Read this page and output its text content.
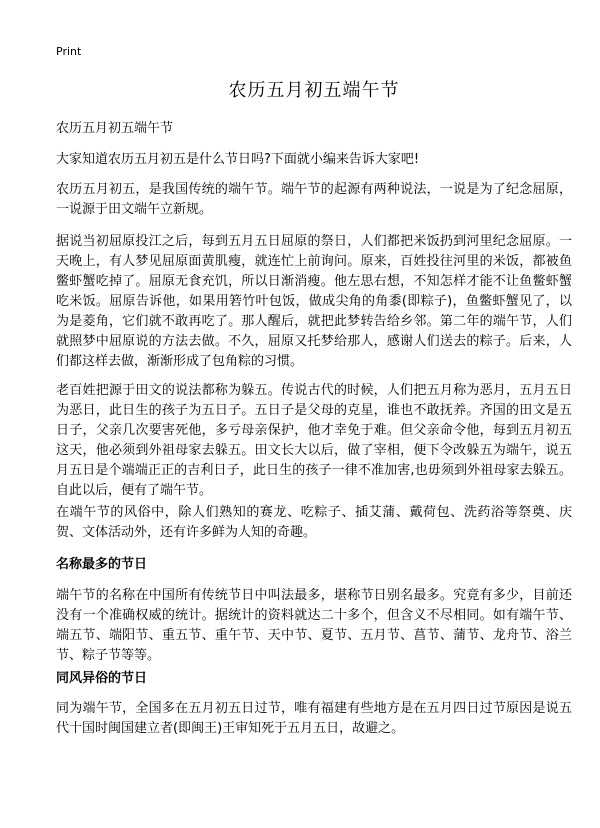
Print
农历五月初五端午节

农历五月初五端午节

大家知道农历五月初五是什么节日吗?下面就小编来告诉大家吧!

农历五月初五，是我国传统的端午节。端午节的起源有两种说法，一说是为了纪念屈原，一说源于田文端午立新规。

据说当初屈原投江之后，每到五月五日屈原的祭日，人们都把米饭扔到河里纪念屈原。一天晚上，有人梦见屈原面黄肌瘦，就连忙上前询问。原来，百姓投往河里的米饭，都被鱼鳖虾蟹吃掉了。屈原无食充饥，所以日渐消瘦。他左思右想，不知怎样才能不让鱼鳖虾蟹吃米饭。屈原告诉他，如果用箬竹叶包饭，做成尖角的角黍(即粽子)，鱼鳖虾蟹见了，以为是菱角，它们就不敢再吃了。那人醒后，就把此梦转告给乡邻。第二年的端午节，人们就照梦中屈原说的方法去做。不久，屈原又托梦给那人，感谢人们送去的粽子。后来，人们都这样去做，渐渐形成了包角粽的习惯。

老百姓把源于田文的说法都称为躲五。传说古代的时候，人们把五月称为恶月，五月五日为恶日，此日生的孩子为五日子。五日子是父母的克星，谁也不敢抚养。齐国的田文是五日子，父亲几次要害死他，多亏母亲保护，他才幸免于难。但父亲命令他，每到五月初五这天，他必须到外祖母家去躲五。田文长大以后，做了宰相，便下令改躲五为端午，说五月五日是个端端正正的吉利日子，此日生的孩子一律不准加害,也毋须到外祖母家去躲五。自此以后，便有了端午节。

在端午节的风俗中，除人们熟知的赛龙、吃粽子、插艾蒲、戴荷包、洗药浴等祭奠、庆贺、文体活动外，还有许多鲜为人知的奇趣。

名称最多的节日

端午节的名称在中国所有传统节日中叫法最多，堪称节日别名最多。究竟有多少，目前还没有一个准确权威的统计。据统计的资料就达二十多个，但含义不尽相同。如有端午节、端五节、端阳节、重五节、重午节、天中节、夏节、五月节、菖节、蒲节、龙舟节、浴兰节、粽子节等等。

同风异俗的节日

同为端午节，全国多在五月初五日过节，唯有福建有些地方是在五月四日过节原因是说五代十国时闽国建立者(即闽王)王审知死于五月五日，故避之。
